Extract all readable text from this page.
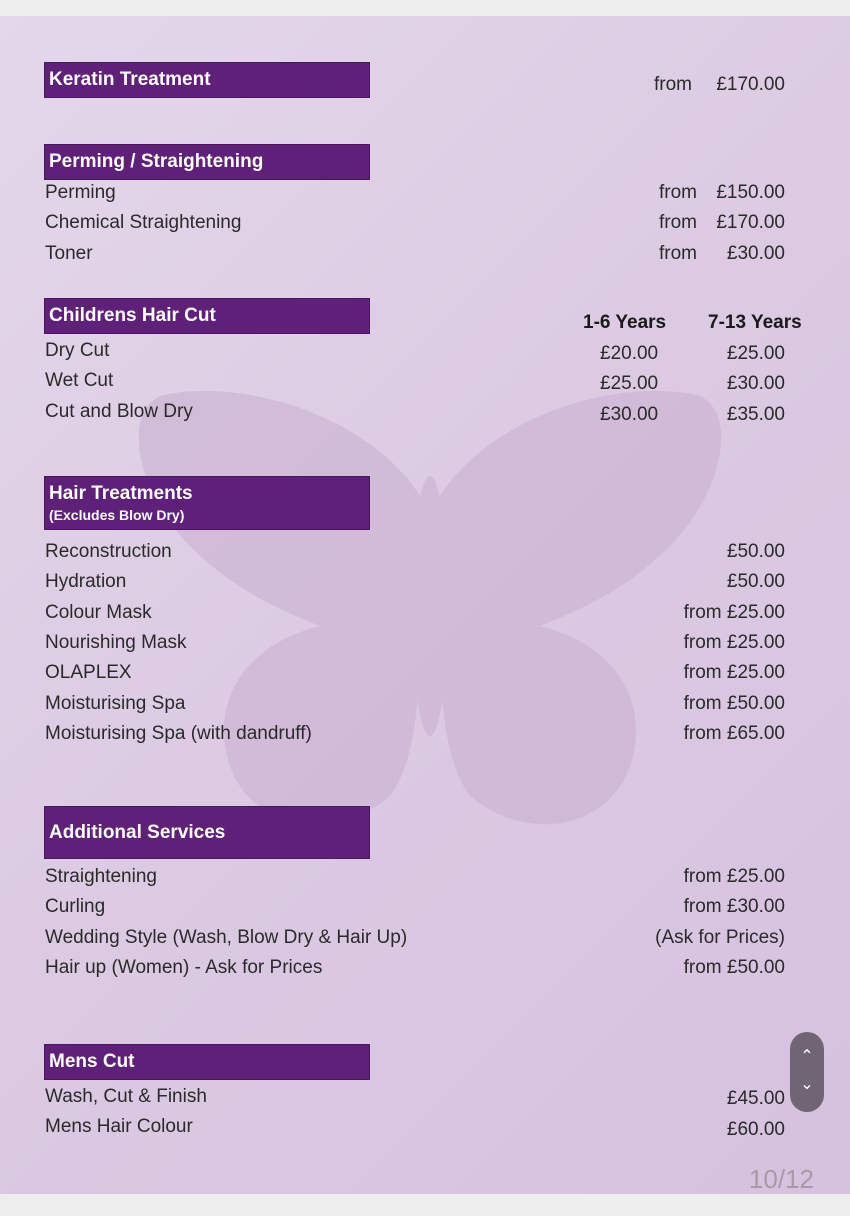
Keratin Treatment	from £170.00
Perming / Straightening
Perming	from £150.00
Chemical Straightening	from £170.00
Toner	from £30.00
Childrens Hair Cut	1-6 Years 7-13 Years
Dry Cut	£20.00	£25.00
Wet Cut	£25.00	£30.00
Cut and Blow Dry	£30.00	£35.00
Hair Treatments
(Excludes Blow Dry)
Reconstruction	£50.00
Hydration	£50.00
Colour Mask	from £25.00
Nourishing Mask	from £25.00
OLAPLEX	from £25.00
Moisturising Spa	from £50.00
Moisturising Spa (with dandruff)	from £65.00
Additional Services
Straightening	from £25.00
Curling	from £30.00
Wedding Style (Wash, Blow Dry & Hair Up)	(Ask for Prices)
Hair up (Women) - Ask for Prices	from £50.00
Mens Cut
Wash, Cut & Finish	£45.00
Mens Hair Colour	£60.00
10/12
⌃
⌄
